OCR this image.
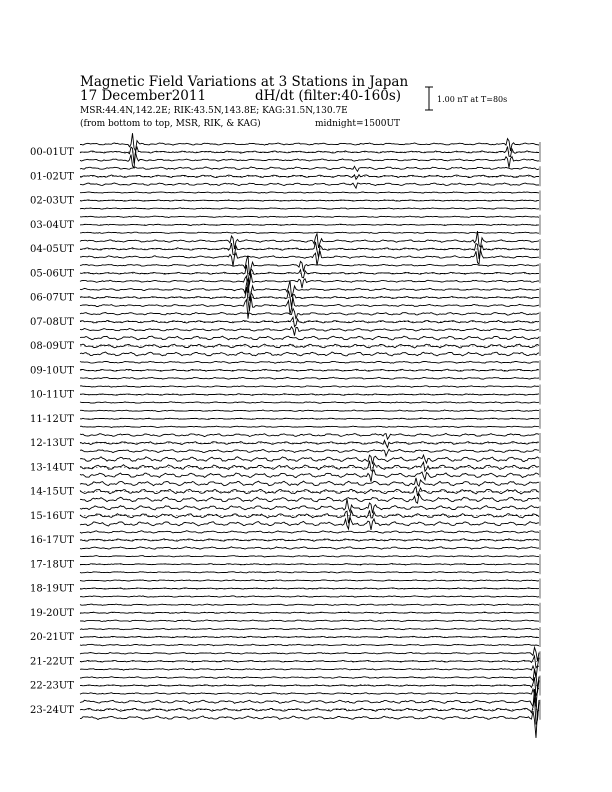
Magnetic Field Variations at 3 Stations in Japan
17 December2011	dH/dt (filter:40-160s)
MSR:44.4N,142.2E; RIK:43.5N,143.8E; KAG:31.5N,130.7E
(from bottom to top, MSR, RIK, & KAG)	midnight=1500UT
1.00 nT at T=80s
00-01UT
01-02UT
02-03UT
03-04UT
04-05UT
05-06UT
06-07UT
07-08UT
08-09UT
09-10UT
10-11UT
11-12UT
12-13UT
13-14UT
14-15UT
15-16UT
16-17UT
17-18UT
18-19UT
19-20UT
20-21UT
21-22UT
22-23UT
23-24UT
